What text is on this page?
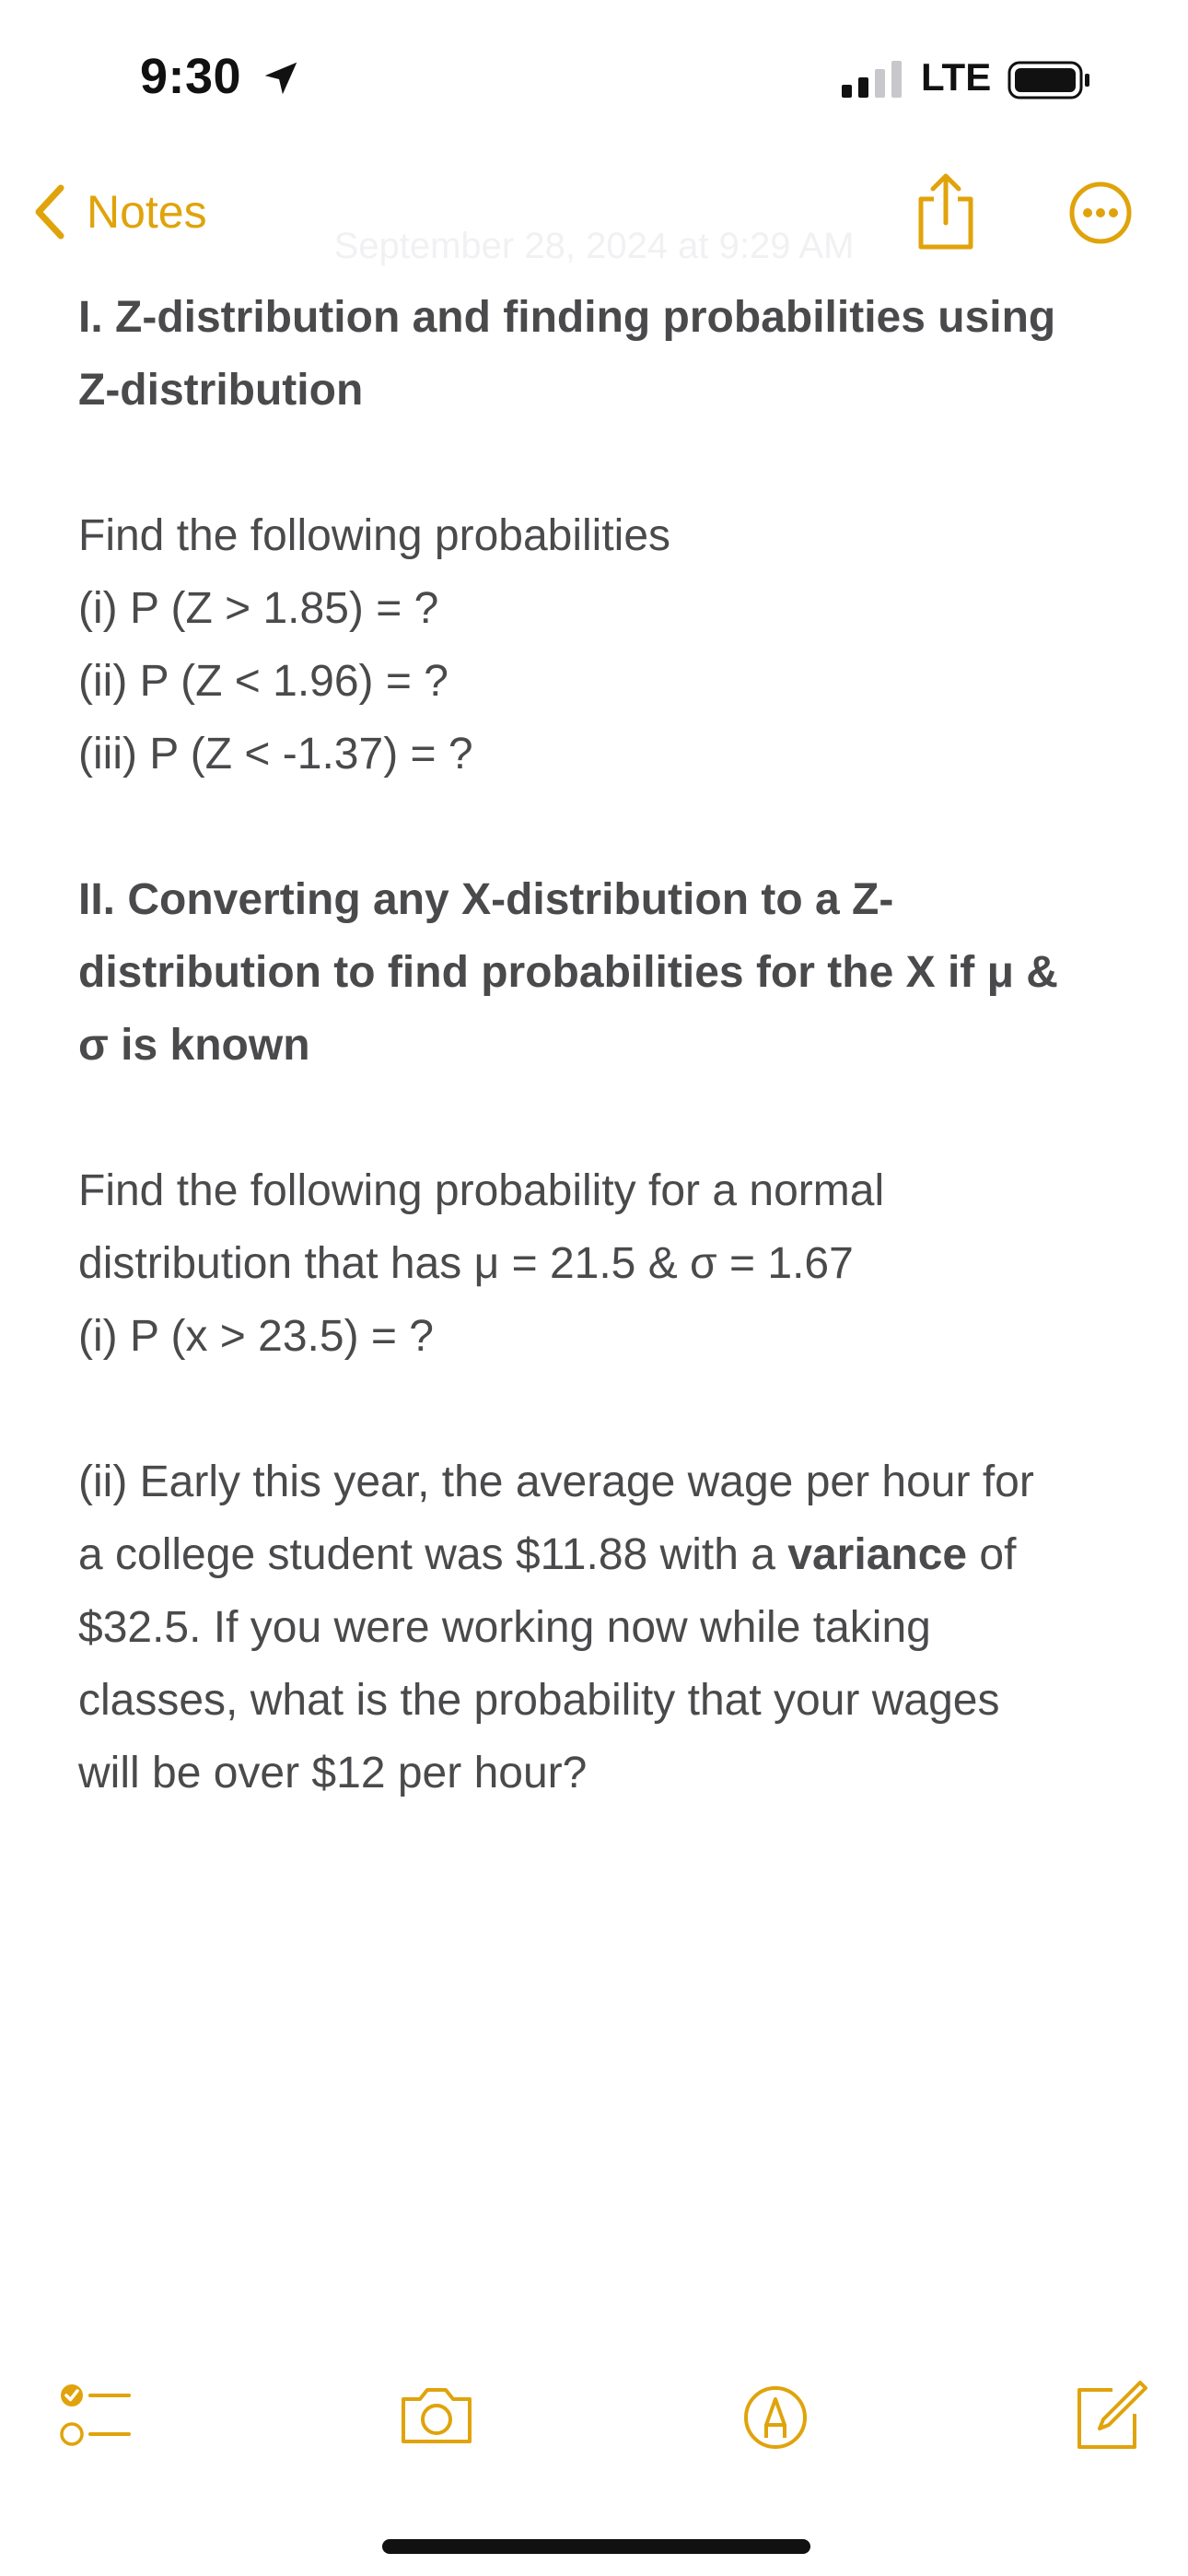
9:30	LTE
Notes
September 28, 2024 at 9:29 AM
I. Z-distribution and finding probabilities using
Z-distribution
Find the following probabilities
(i) P (Z > 1.85) = ?
(ii) P (Z < 1.96) = ?
(iii) P (Z < -1.37) = ?
II. Converting any X-distribution to a Z-
distribution to find probabilities for the X if μ &
σ is known
Find the following probability for a normal
distribution that has μ = 21.5 & σ = 1.67
(i) P (x > 23.5) = ?
(ii) Early this year, the average wage per hour for
a college student was $11.88 with a variance of
$32.5. If you were working now while taking
classes, what is the probability that your wages
will be over $12 per hour?
